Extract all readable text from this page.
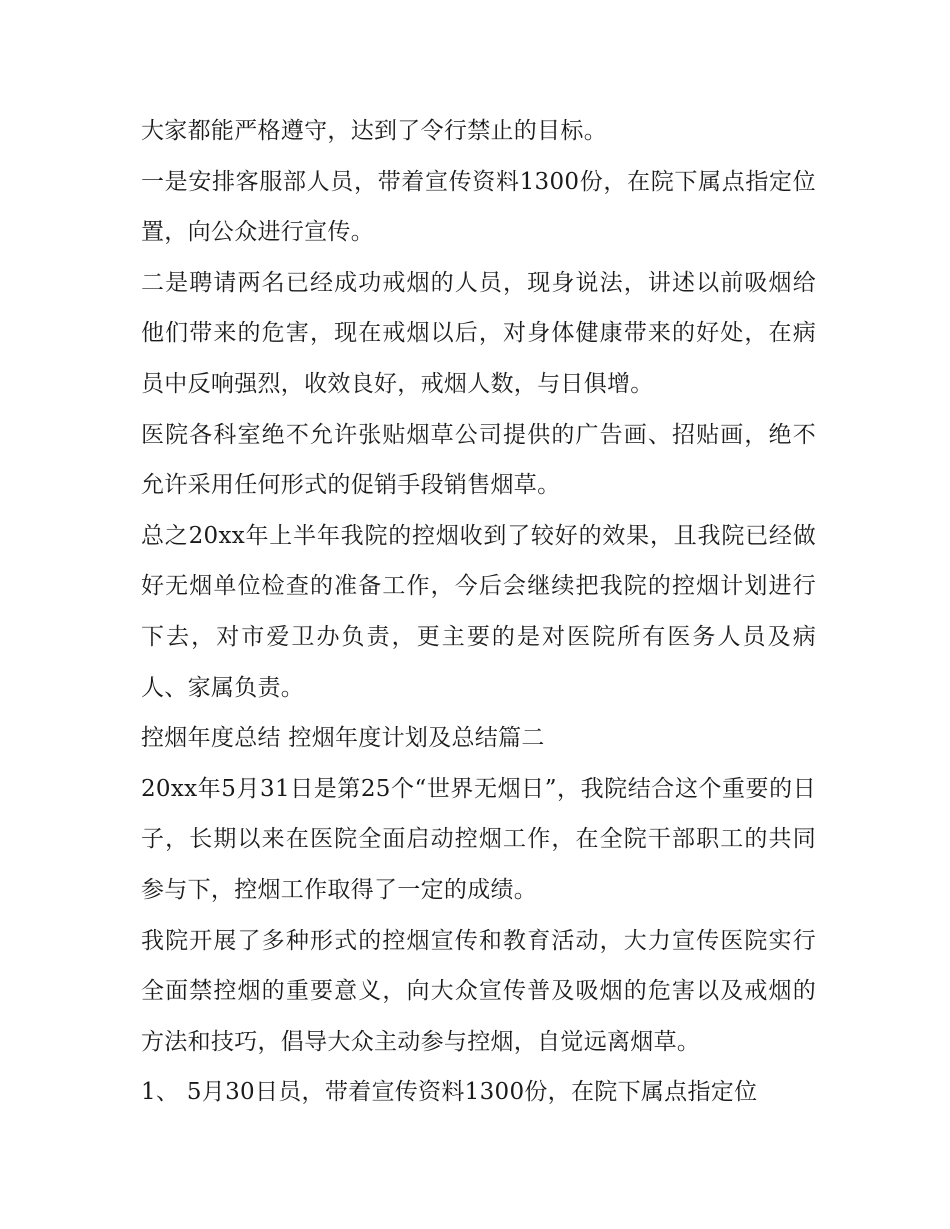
大家都能严格遵守，达到了令行禁止的目标。

一是安排客服部人员，带着宣传资料1300份，在院下属点指定位置，向公众进行宣传。

二是聘请两名已经成功戒烟的人员，现身说法，讲述以前吸烟给他们带来的危害，现在戒烟以后，对身体健康带来的好处，在病员中反响强烈，收效良好，戒烟人数，与日俱增。

医院各科室绝不允许张贴烟草公司提供的广告画、招贴画，绝不允许采用任何形式的促销手段销售烟草。

总之20xx年上半年我院的控烟收到了较好的效果，且我院已经做好无烟单位检查的准备工作，今后会继续把我院的控烟计划进行下去，对市爱卫办负责，更主要的是对医院所有医务人员及病人、家属负责。

控烟年度总结 控烟年度计划及总结篇二

20xx年5月31日是第25个“世界无烟日”，我院结合这个重要的日子，长期以来在医院全面启动控烟工作，在全院干部职工的共同参与下，控烟工作取得了一定的成绩。

我院开展了多种形式的控烟宣传和教育活动，大力宣传医院实行全面禁控烟的重要意义，向大众宣传普及吸烟的危害以及戒烟的方法和技巧，倡导大众主动参与控烟，自觉远离烟草。

1、 5月30日员，带着宣传资料1300份，在院下属点指定位
